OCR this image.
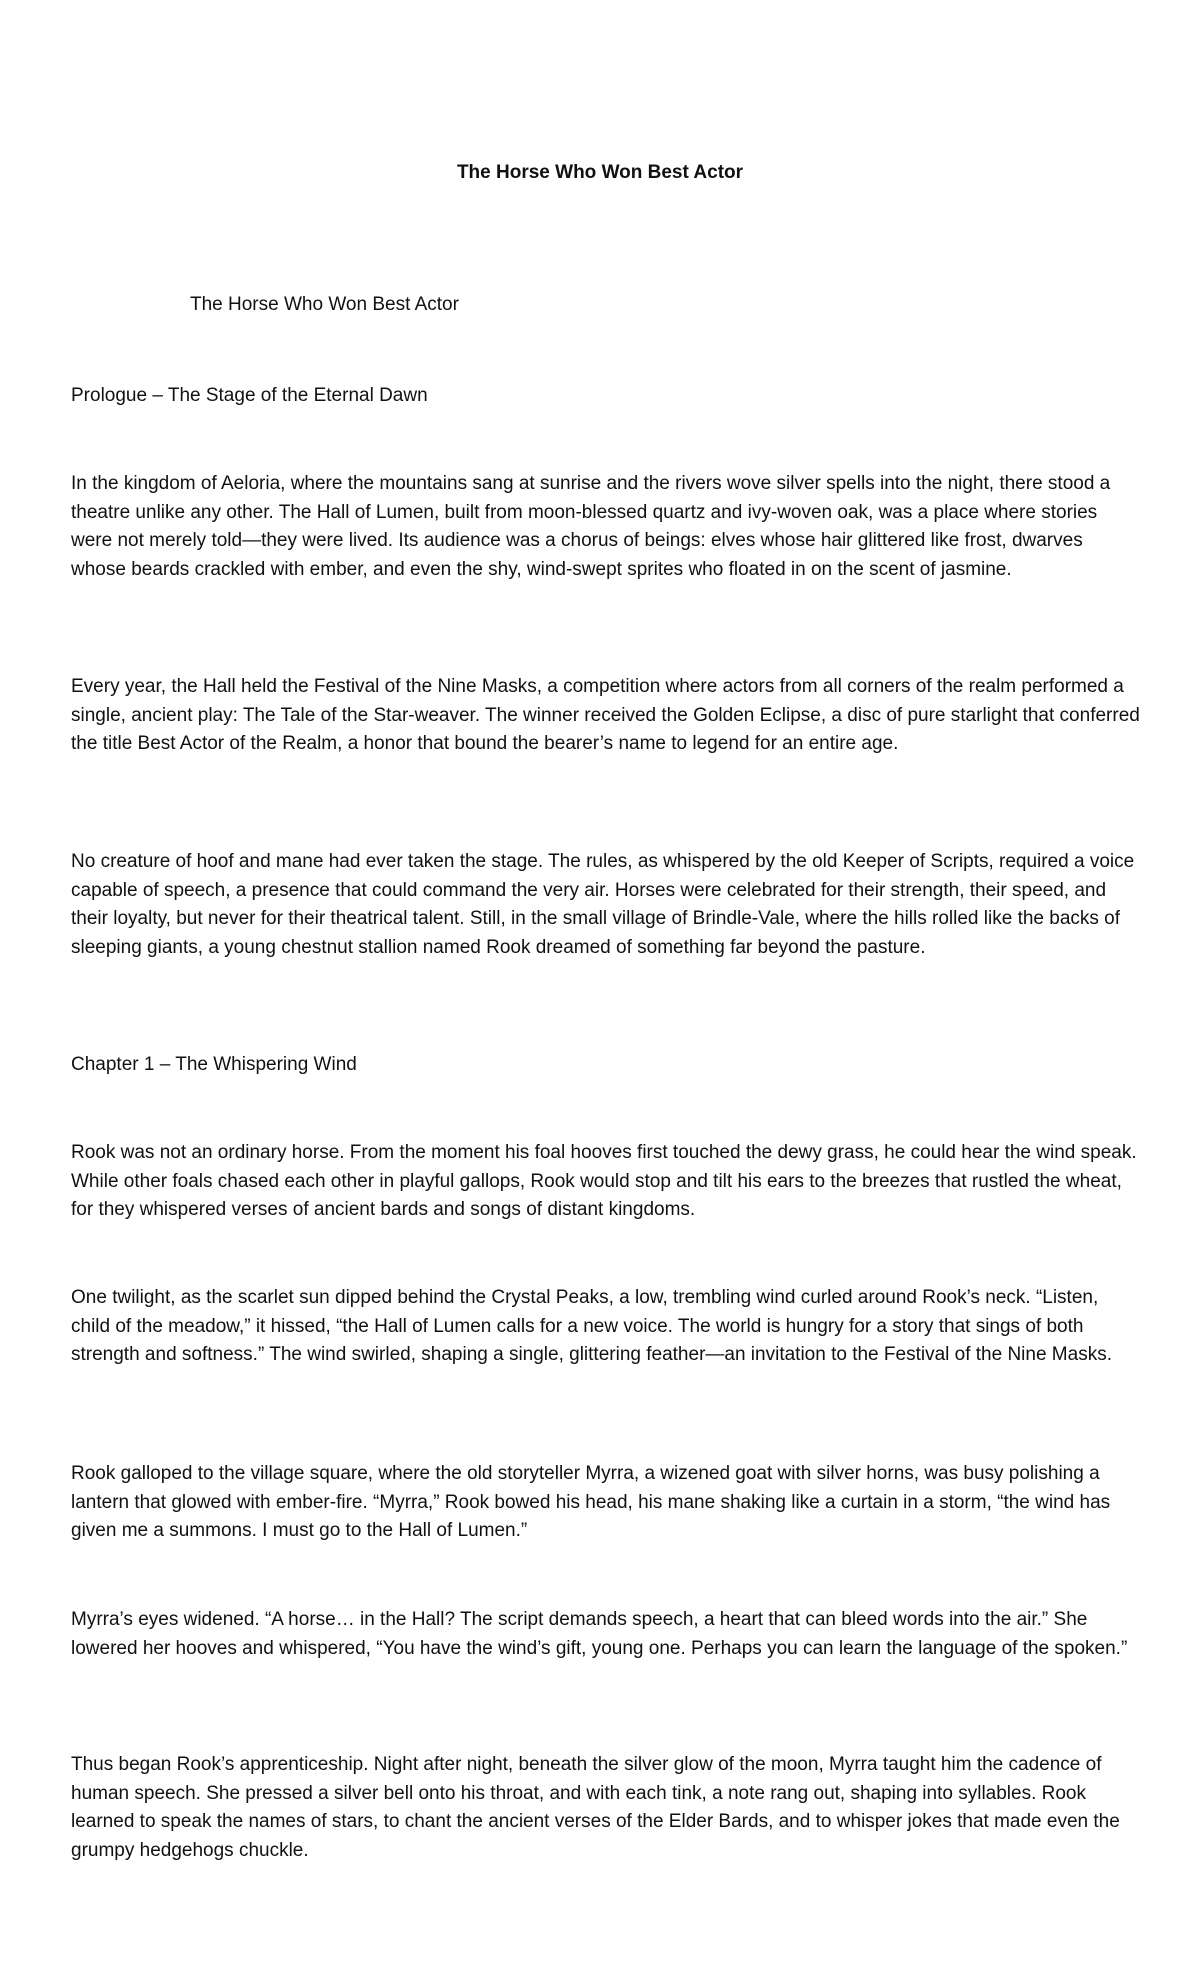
The Horse Who Won Best Actor
The Horse Who Won Best Actor

Prologue – The Stage of the Eternal Dawn

In the kingdom of Aeloria, where the mountains sang at sunrise and the rivers wove silver spells into the night, there stood a theatre unlike any other. The Hall of Lumen, built from moon-blessed quartz and ivy-woven oak, was a place where stories were not merely told—they were lived. Its audience was a chorus of beings: elves whose hair glittered like frost, dwarves whose beards crackled with ember, and even the shy, wind-swept sprites who floated in on the scent of jasmine.

Every year, the Hall held the Festival of the Nine Masks, a competition where actors from all corners of the realm performed a single, ancient play: The Tale of the Star-weaver. The winner received the Golden Eclipse, a disc of pure starlight that conferred the title Best Actor of the Realm, a honor that bound the bearer’s name to legend for an entire age.

No creature of hoof and mane had ever taken the stage. The rules, as whispered by the old Keeper of Scripts, required a voice capable of speech, a presence that could command the very air. Horses were celebrated for their strength, their speed, and their loyalty, but never for their theatrical talent. Still, in the small village of Brindle-Vale, where the hills rolled like the backs of sleeping giants, a young chestnut stallion named Rook dreamed of something far beyond the pasture.

Chapter 1 – The Whispering Wind

Rook was not an ordinary horse. From the moment his foal hooves first touched the dewy grass, he could hear the wind speak. While other foals chased each other in playful gallops, Rook would stop and tilt his ears to the breezes that rustled the wheat, for they whispered verses of ancient bards and songs of distant kingdoms.

One twilight, as the scarlet sun dipped behind the Crystal Peaks, a low, trembling wind curled around Rook’s neck. “Listen, child of the meadow,” it hissed, “the Hall of Lumen calls for a new voice. The world is hungry for a story that sings of both strength and softness.” The wind swirled, shaping a single, glittering feather—an invitation to the Festival of the Nine Masks.

Rook galloped to the village square, where the old storyteller Myrra, a wizened goat with silver horns, was busy polishing a lantern that glowed with ember-fire. “Myrra,” Rook bowed his head, his mane shaking like a curtain in a storm, “the wind has given me a summons. I must go to the Hall of Lumen.”

Myrra’s eyes widened. “A horse… in the Hall? The script demands speech, a heart that can bleed words into the air.” She lowered her hooves and whispered, “You have the wind’s gift, young one. Perhaps you can learn the language of the spoken.”

Thus began Rook’s apprenticeship. Night after night, beneath the silver glow of the moon, Myrra taught him the cadence of human speech. She pressed a silver bell onto his throat, and with each tink, a note rang out, shaping into syllables. Rook learned to speak the names of stars, to chant the ancient verses of the Elder Bards, and to whisper jokes that made even the grumpy hedgehogs chuckle.
